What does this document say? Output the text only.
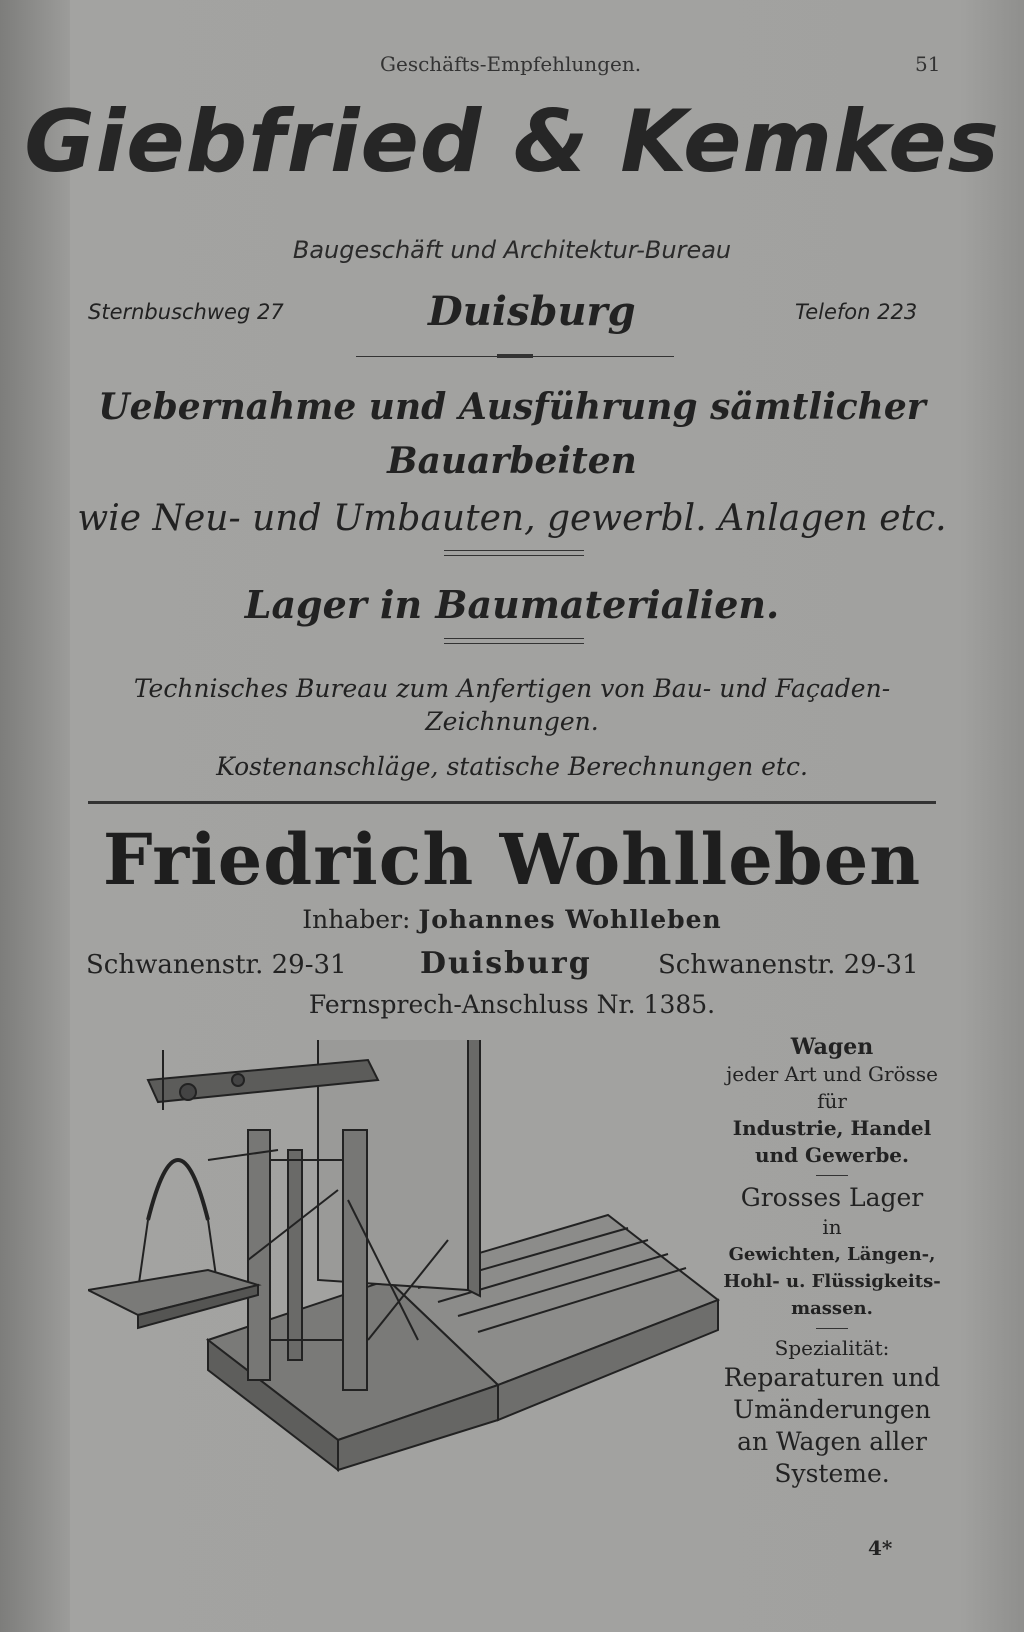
Geschäfts-Empfehlungen.	51
Giebfried & Kemkes
Baugeschäft und Architektur-Bureau
Sternbuschweg 27	Duisburg	Telefon 223
Uebernahme und Ausführung sämtlicher
Bauarbeiten
wie Neu- und Umbauten, gewerbl. Anlagen etc.
Lager in Baumaterialien.
Technisches Bureau zum Anfertigen von Bau- und Façaden-
Zeichnungen.
Kostenanschläge, statische Berechnungen etc.
Friedrich Wohlleben
Inhaber: Johannes Wohlleben
Schwanenstr. 29-31 Duisburg	Schwanenstr. 29-31
Fernsprech-Anschluss Nr. 1385.
Wagen
jeder Art und Grösse
für
Industrie, Handel
und Gewerbe.
Grosses Lager
in
Gewichten, Längen-,
Hohl- u. Flüssigkeits-
massen.
Spezialität:
Reparaturen und
Umänderungen
an Wagen aller
Systeme.
4*
